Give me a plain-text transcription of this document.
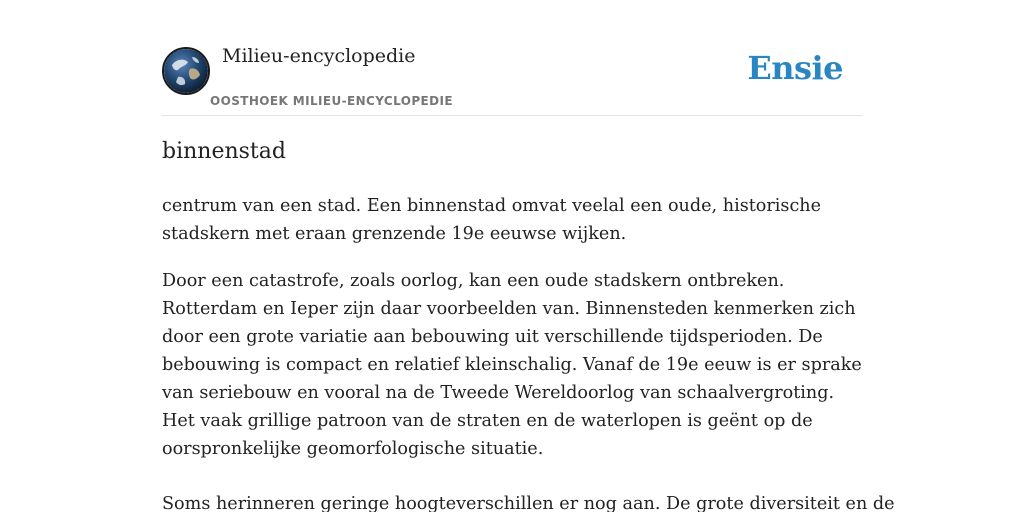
Milieu-encyclopedie
OOSTHOEK MILIEU-ENCYCLOPEDIE
Ensie
binnenstad

centrum van een stad. Een binnenstad omvat veelal een oude, historische stadskern met eraan grenzende 19e eeuwse wijken.

Door een catastrofe, zoals oorlog, kan een oude stadskern ontbreken. Rotterdam en Ieper zijn daar voorbeelden van. Binnensteden kenmerken zich door een grote variatie aan bebouwing uit verschillende tijdsperioden. De bebouwing is compact en relatief kleinschalig. Vanaf de 19e eeuw is er sprake van seriebouw en vooral na de Tweede Wereldoorlog van schaalvergroting. Het vaak grillige patroon van de straten en de waterlopen is geënt op de oorspronkelijke geomorfologische situatie.

Soms herinneren geringe hoogteverschillen er nog aan. De grote diversiteit en de
